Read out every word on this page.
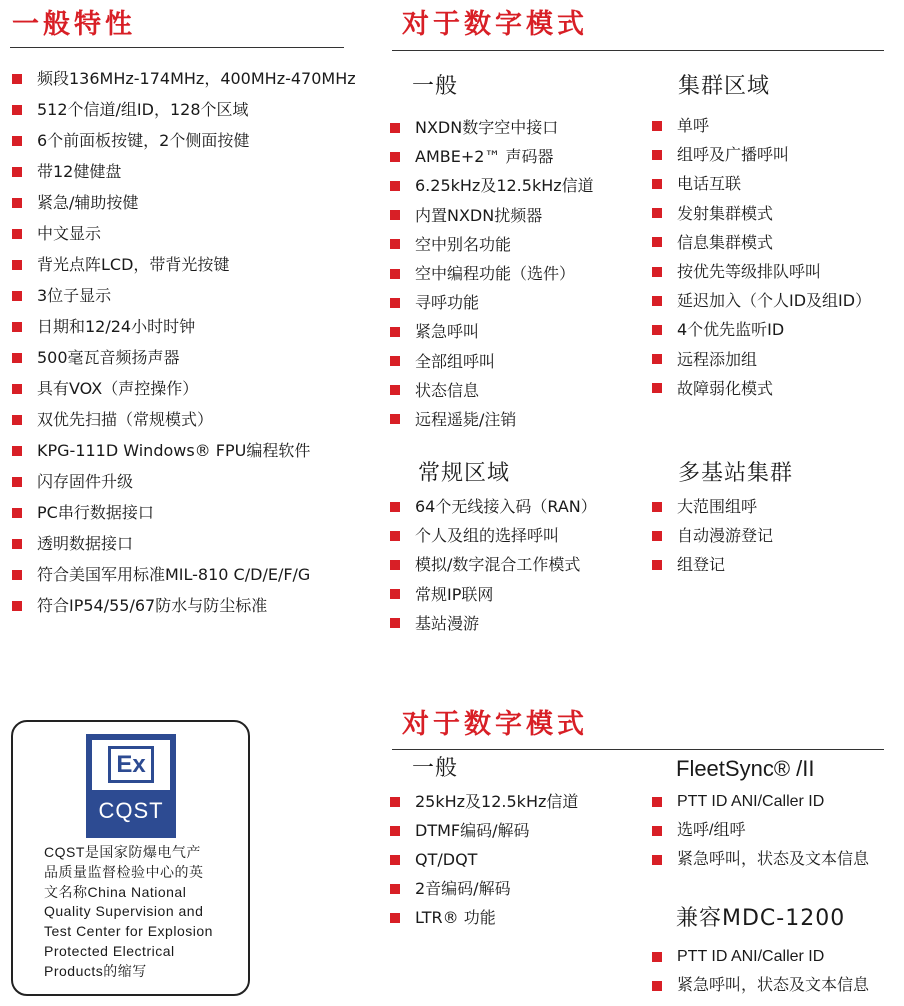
一般特性
频段136MHz-174MHz，400MHz-470MHz
512个信道/组ID，128个区域
6个前面板按键，2个侧面按健
带12健健盘
紧急/辅助按健
中文显示
背光点阵LCD，带背光按键
3位子显示
日期和12/24小时时钟
500毫瓦音频扬声器
具有VOX（声控操作）
双优先扫描（常规模式）
KPG-111D Windows® FPU编程软件
闪存固件升级
PC串行数据接口
透明数据接口
符合美国军用标准MIL-810 C/D/E/F/G
符合IP54/55/67防水与防尘标准
对于数字模式
一般
NXDN数字空中接口
AMBE+2™ 声码器
6.25kHz及12.5kHz信道
内置NXDN扰频器
空中别名功能
空中编程功能（选件）
寻呼功能
紧急呼叫
全部组呼叫
状态信息
远程遥毙/注销
集群区域
单呼
组呼及广播呼叫
电话互联
发射集群模式
信息集群模式
按优先等级排队呼叫
延迟加入（个人ID及组ID）
4个优先监听ID
远程添加组
故障弱化模式
常规区域
64个无线接入码（RAN）
个人及组的选择呼叫
模拟/数字混合工作模式
常规IP联网
基站漫游
多基站集群
大范围组呼
自动漫游登记
组登记
对于数字模式
一般
25kHz及12.5kHz信道
DTMF编码/解码
QT/DQT
2音编码/解码
LTR® 功能
FleetSync® /II
PTT ID ANI/Caller ID
选呼/组呼
紧急呼叫，状态及文本信息
兼容MDC-1200
PTT ID ANI/Caller ID
紧急呼叫，状态及文本信息
Ex
CQST
CQST是国家防爆电气产
品质量监督检验中心的英
文名称China National
Quality Supervision and
Test Center for Explosion
Protected Electrical
Products的缩写
